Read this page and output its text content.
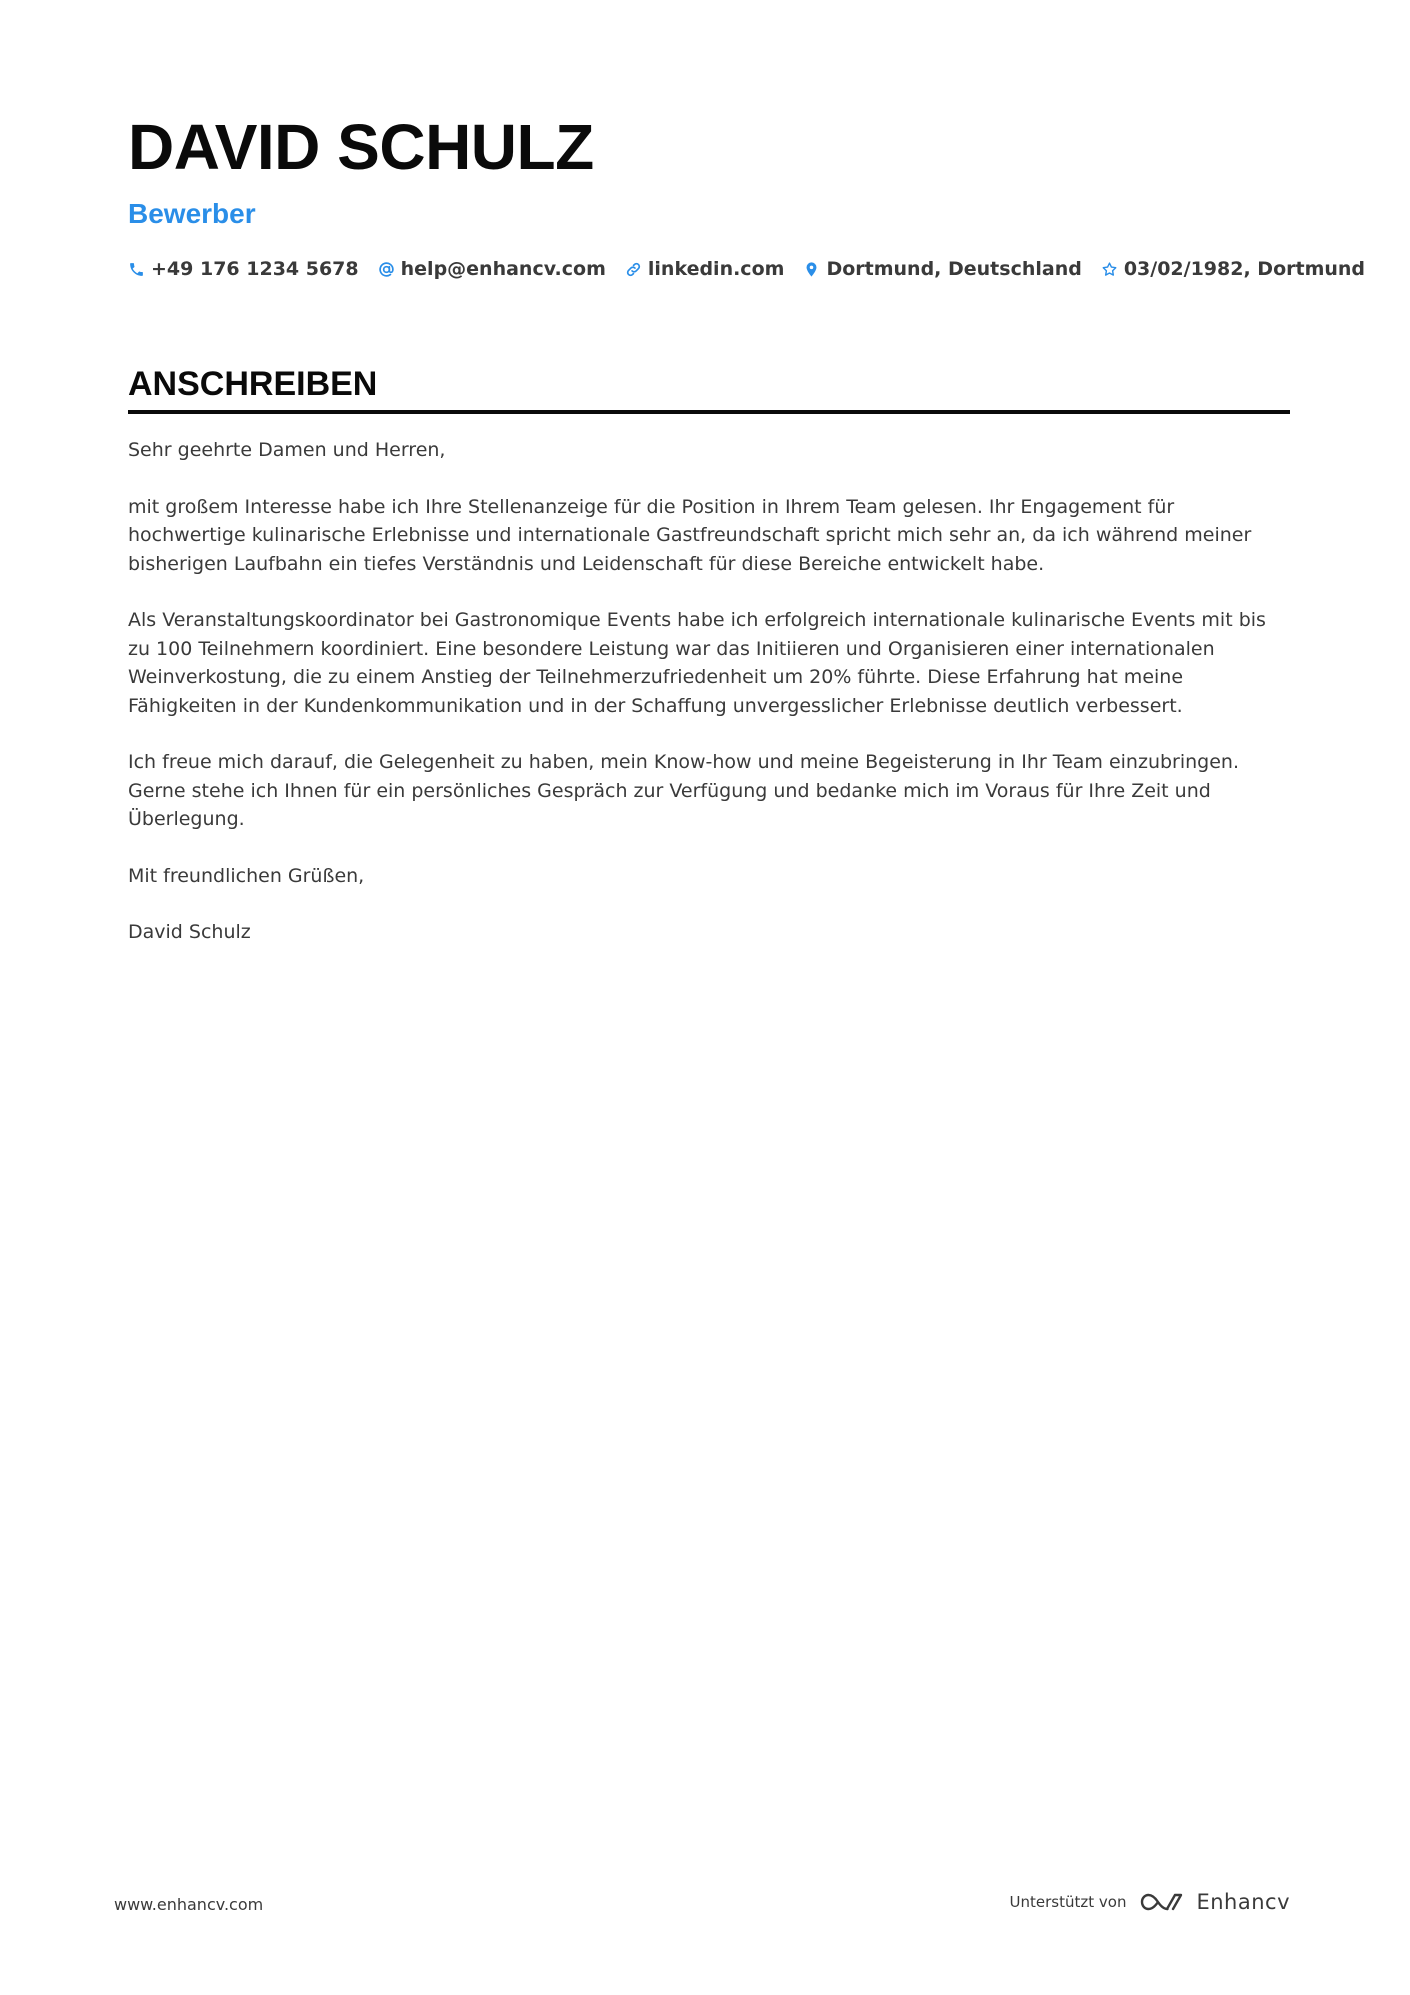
DAVID SCHULZ
Bewerber
+49 176 1234 5678 help@enhancv.com linkedin.com Dortmund, Deutschland 03/02/1982, Dortmund
ANSCHREIBEN

Sehr geehrte Damen und Herren,

mit großem Interesse habe ich Ihre Stellenanzeige für die Position in Ihrem Team gelesen. Ihr Engagement für hochwertige kulinarische Erlebnisse und internationale Gastfreundschaft spricht mich sehr an, da ich während meiner bisherigen Laufbahn ein tiefes Verständnis und Leidenschaft für diese Bereiche entwickelt habe.

Als Veranstaltungskoordinator bei Gastronomique Events habe ich erfolgreich internationale kulinarische Events mit bis zu 100 Teilnehmern koordiniert. Eine besondere Leistung war das Initiieren und Organisieren einer internationalen Weinverkostung, die zu einem Anstieg der Teilnehmerzufriedenheit um 20% führte. Diese Erfahrung hat meine Fähigkeiten in der Kundenkommunikation und in der Schaffung unvergesslicher Erlebnisse deutlich verbessert.

Ich freue mich darauf, die Gelegenheit zu haben, mein Know-how und meine Begeisterung in Ihr Team einzubringen. Gerne stehe ich Ihnen für ein persönliches Gespräch zur Verfügung und bedanke mich im Voraus für Ihre Zeit und Überlegung.

Mit freundlichen Grüßen,

David Schulz

www.enhancv.com	Unterstützt von	Enhancv
